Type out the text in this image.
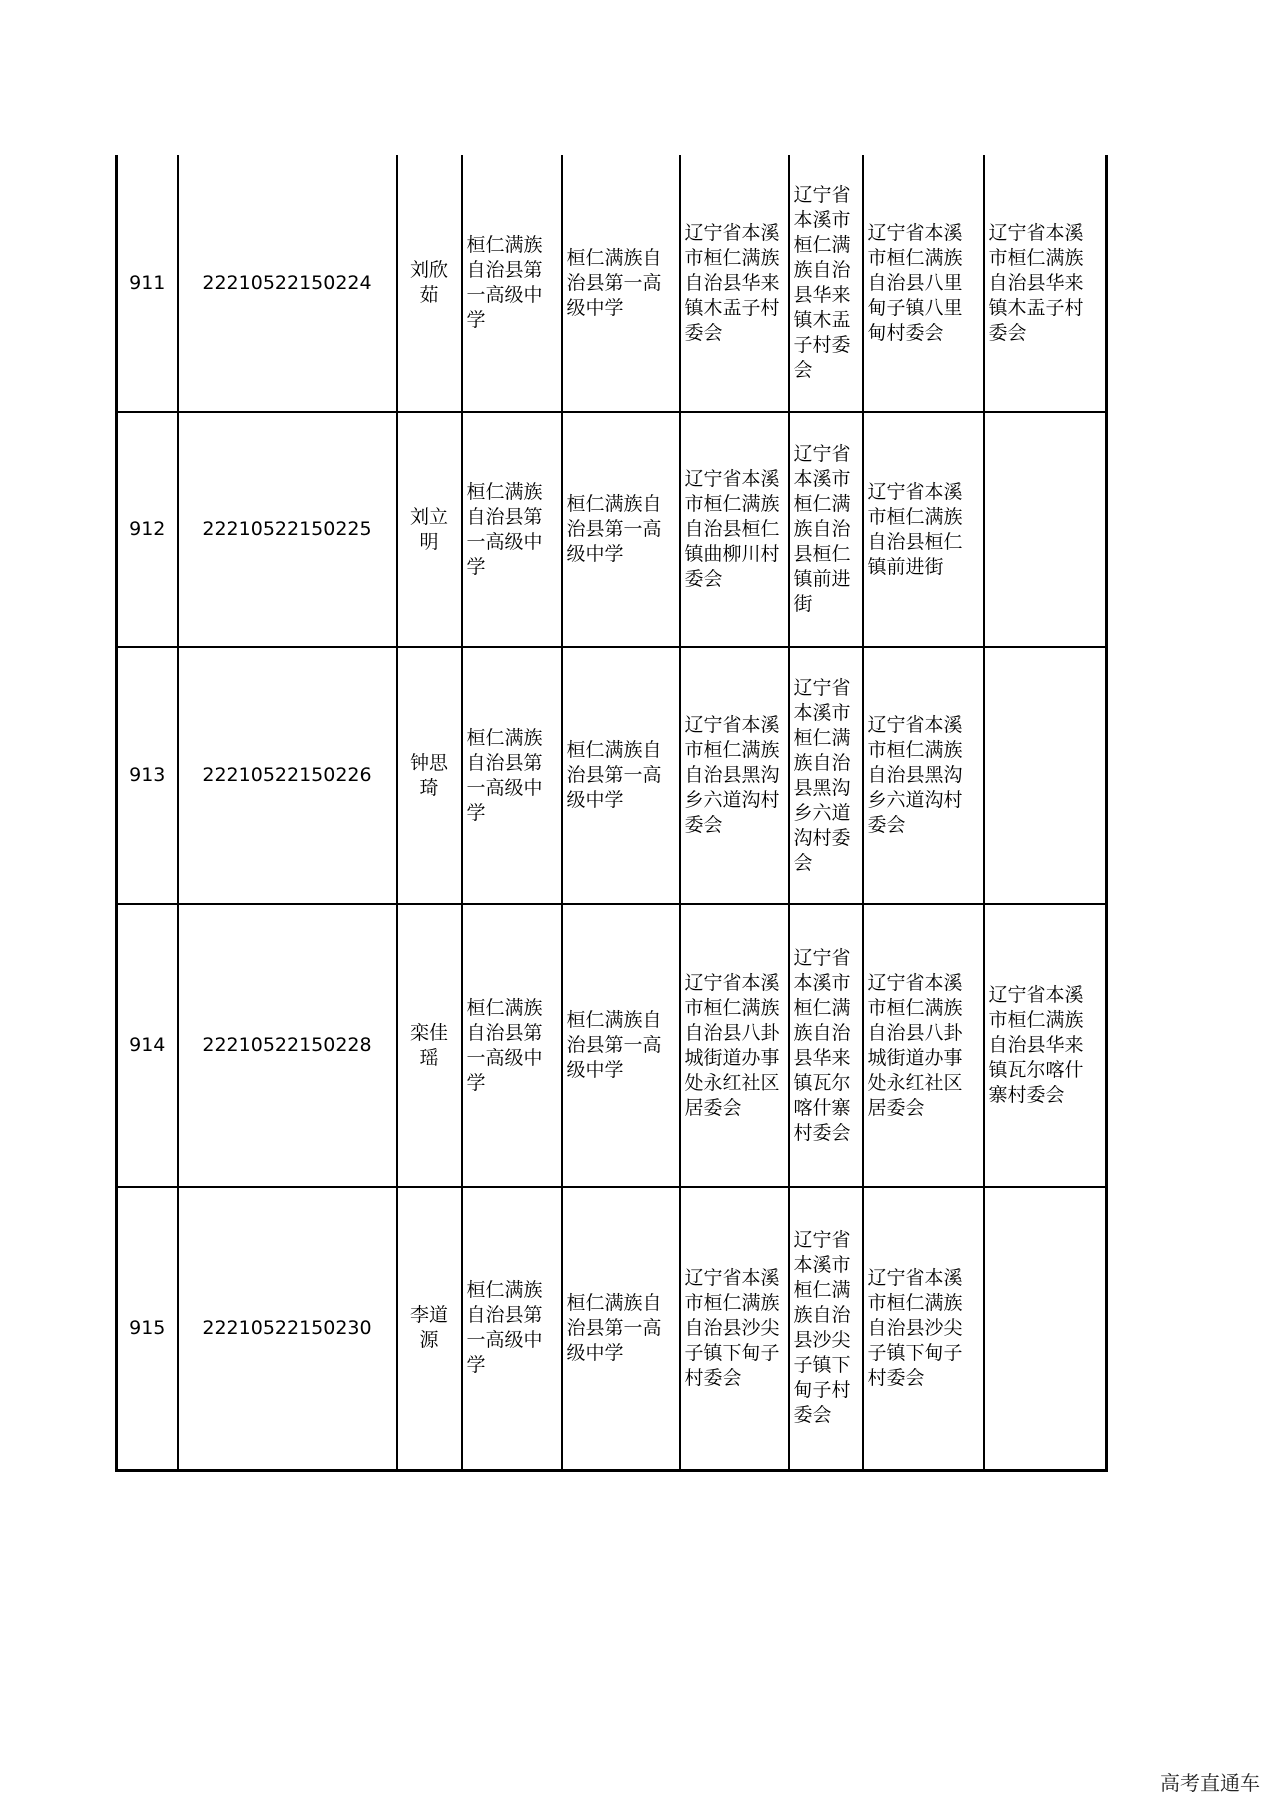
911	22210522150224	刘欣茹	桓仁满族自治县第一高级中学	桓仁满族自治县第一高级中学	辽宁省本溪市桓仁满族自治县华来镇木盂子村委会	辽宁省本溪市桓仁满族自治县华来镇木盂子村委会	辽宁省本溪市桓仁满族自治县八里甸子镇八里甸村委会	辽宁省本溪市桓仁满族自治县华来镇木盂子村委会
912	22210522150225	刘立明	桓仁满族自治县第一高级中学	桓仁满族自治县第一高级中学	辽宁省本溪市桓仁满族自治县桓仁镇曲柳川村委会	辽宁省本溪市桓仁满族自治县桓仁镇前进街	辽宁省本溪市桓仁满族自治县桓仁镇前进街	
913	22210522150226	钟思琦	桓仁满族自治县第一高级中学	桓仁满族自治县第一高级中学	辽宁省本溪市桓仁满族自治县黑沟乡六道沟村委会	辽宁省本溪市桓仁满族自治县黑沟乡六道沟村委会	辽宁省本溪市桓仁满族自治县黑沟乡六道沟村委会	
914	22210522150228	栾佳瑶	桓仁满族自治县第一高级中学	桓仁满族自治县第一高级中学	辽宁省本溪市桓仁满族自治县八卦城街道办事处永红社区居委会	辽宁省本溪市桓仁满族自治县华来镇瓦尔喀什寨村委会	辽宁省本溪市桓仁满族自治县八卦城街道办事处永红社区居委会	辽宁省本溪市桓仁满族自治县华来镇瓦尔喀什寨村委会
915	22210522150230	李道源	桓仁满族自治县第一高级中学	桓仁满族自治县第一高级中学	辽宁省本溪市桓仁满族自治县沙尖子镇下甸子村委会	辽宁省本溪市桓仁满族自治县沙尖子镇下甸子村委会	辽宁省本溪市桓仁满族自治县沙尖子镇下甸子村委会	
高考直通车
